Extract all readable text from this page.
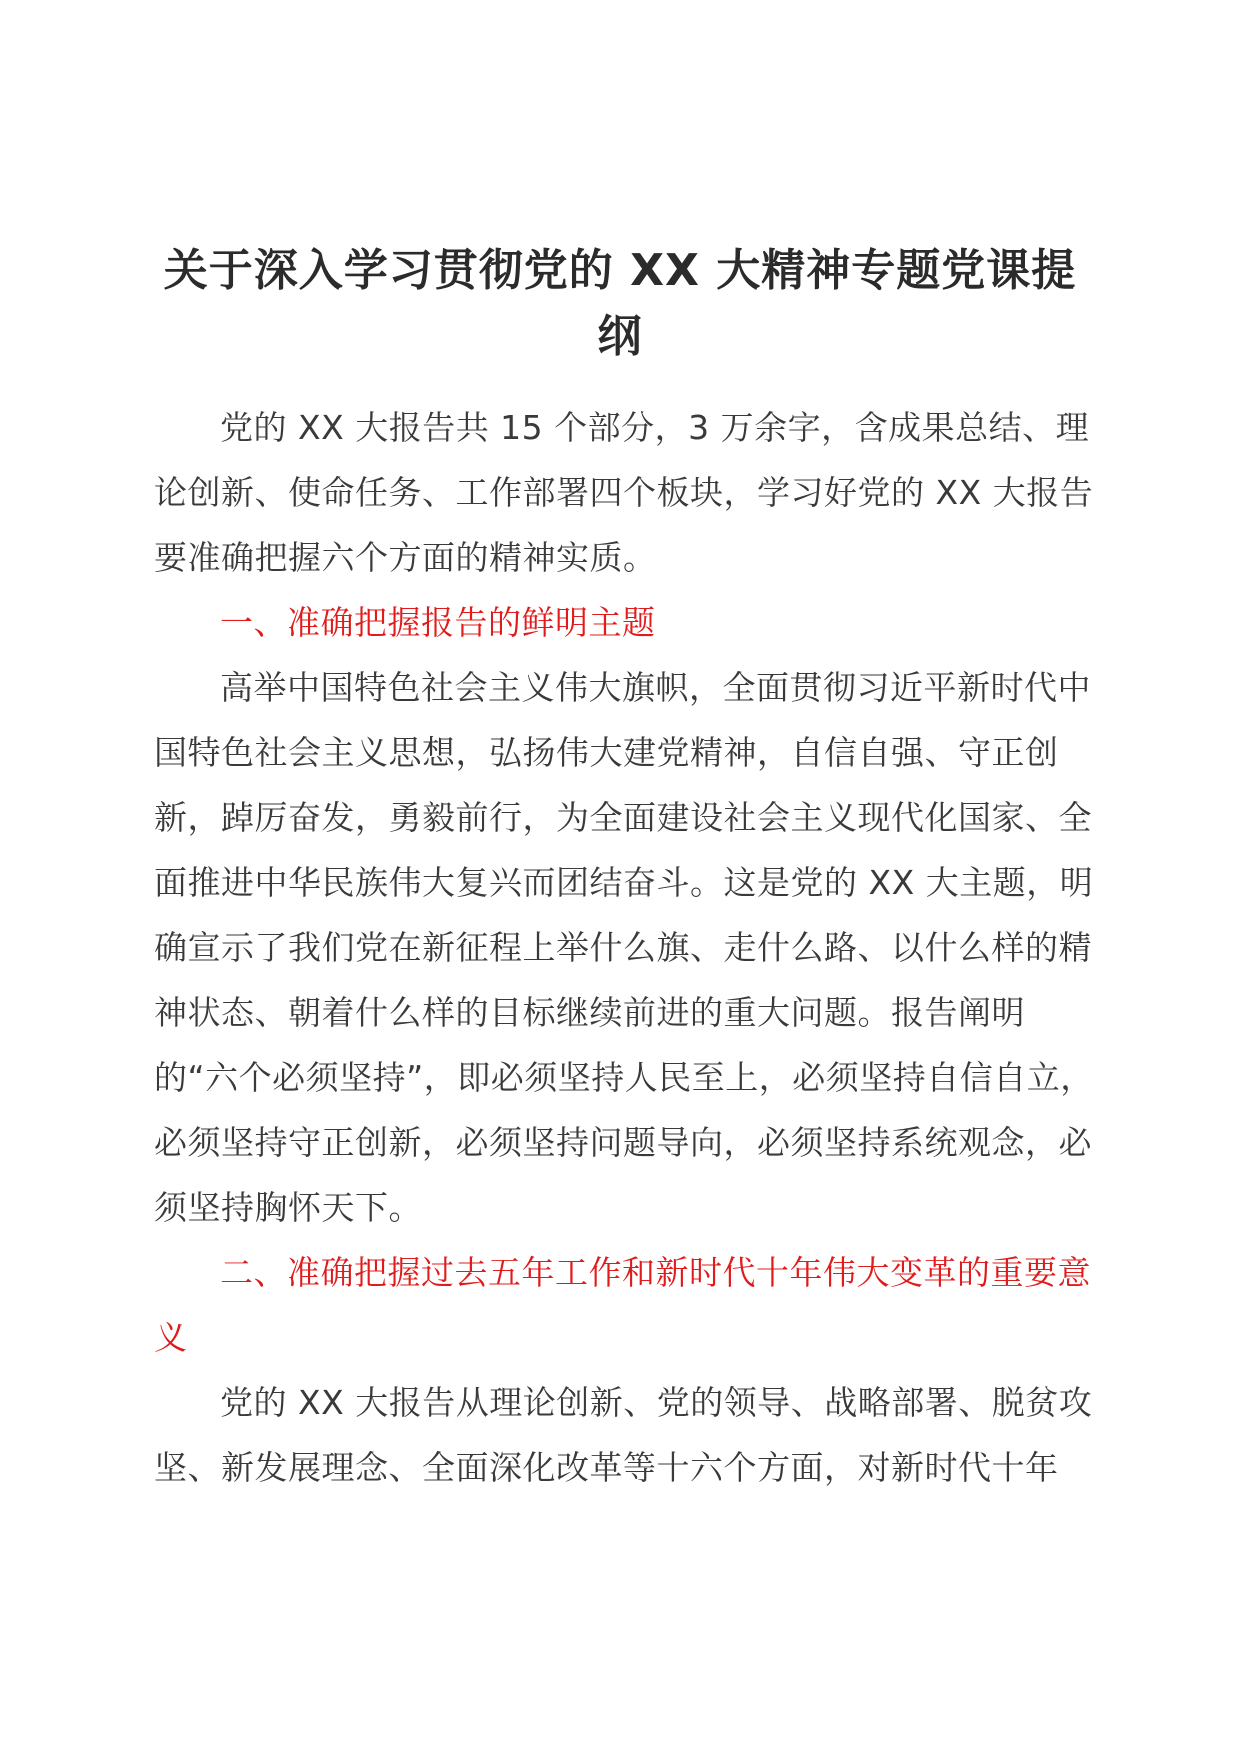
关于深入学习贯彻党的 XX 大精神专题党课提纲

党的 XX 大报告共 15 个部分，3 万余字，含成果总结、理论创新、使命任务、工作部署四个板块，学习好党的 XX 大报告要准确把握六个方面的精神实质。

一、准确把握报告的鲜明主题

高举中国特色社会主义伟大旗帜，全面贯彻习近平新时代中国特色社会主义思想，弘扬伟大建党精神，自信自强、守正创新，踔厉奋发，勇毅前行，为全面建设社会主义现代化国家、全面推进中华民族伟大复兴而团结奋斗。这是党的 XX 大主题，明确宣示了我们党在新征程上举什么旗、走什么路、以什么样的精神状态、朝着什么样的目标继续前进的重大问题。报告阐明的“六个必须坚持”，即必须坚持人民至上，必须坚持自信自立，必须坚持守正创新，必须坚持问题导向，必须坚持系统观念，必须坚持胸怀天下。

二、准确把握过去五年工作和新时代十年伟大变革的重要意义

党的 XX 大报告从理论创新、党的领导、战略部署、脱贫攻坚、新发展理念、全面深化改革等十六个方面，对新时代十年
